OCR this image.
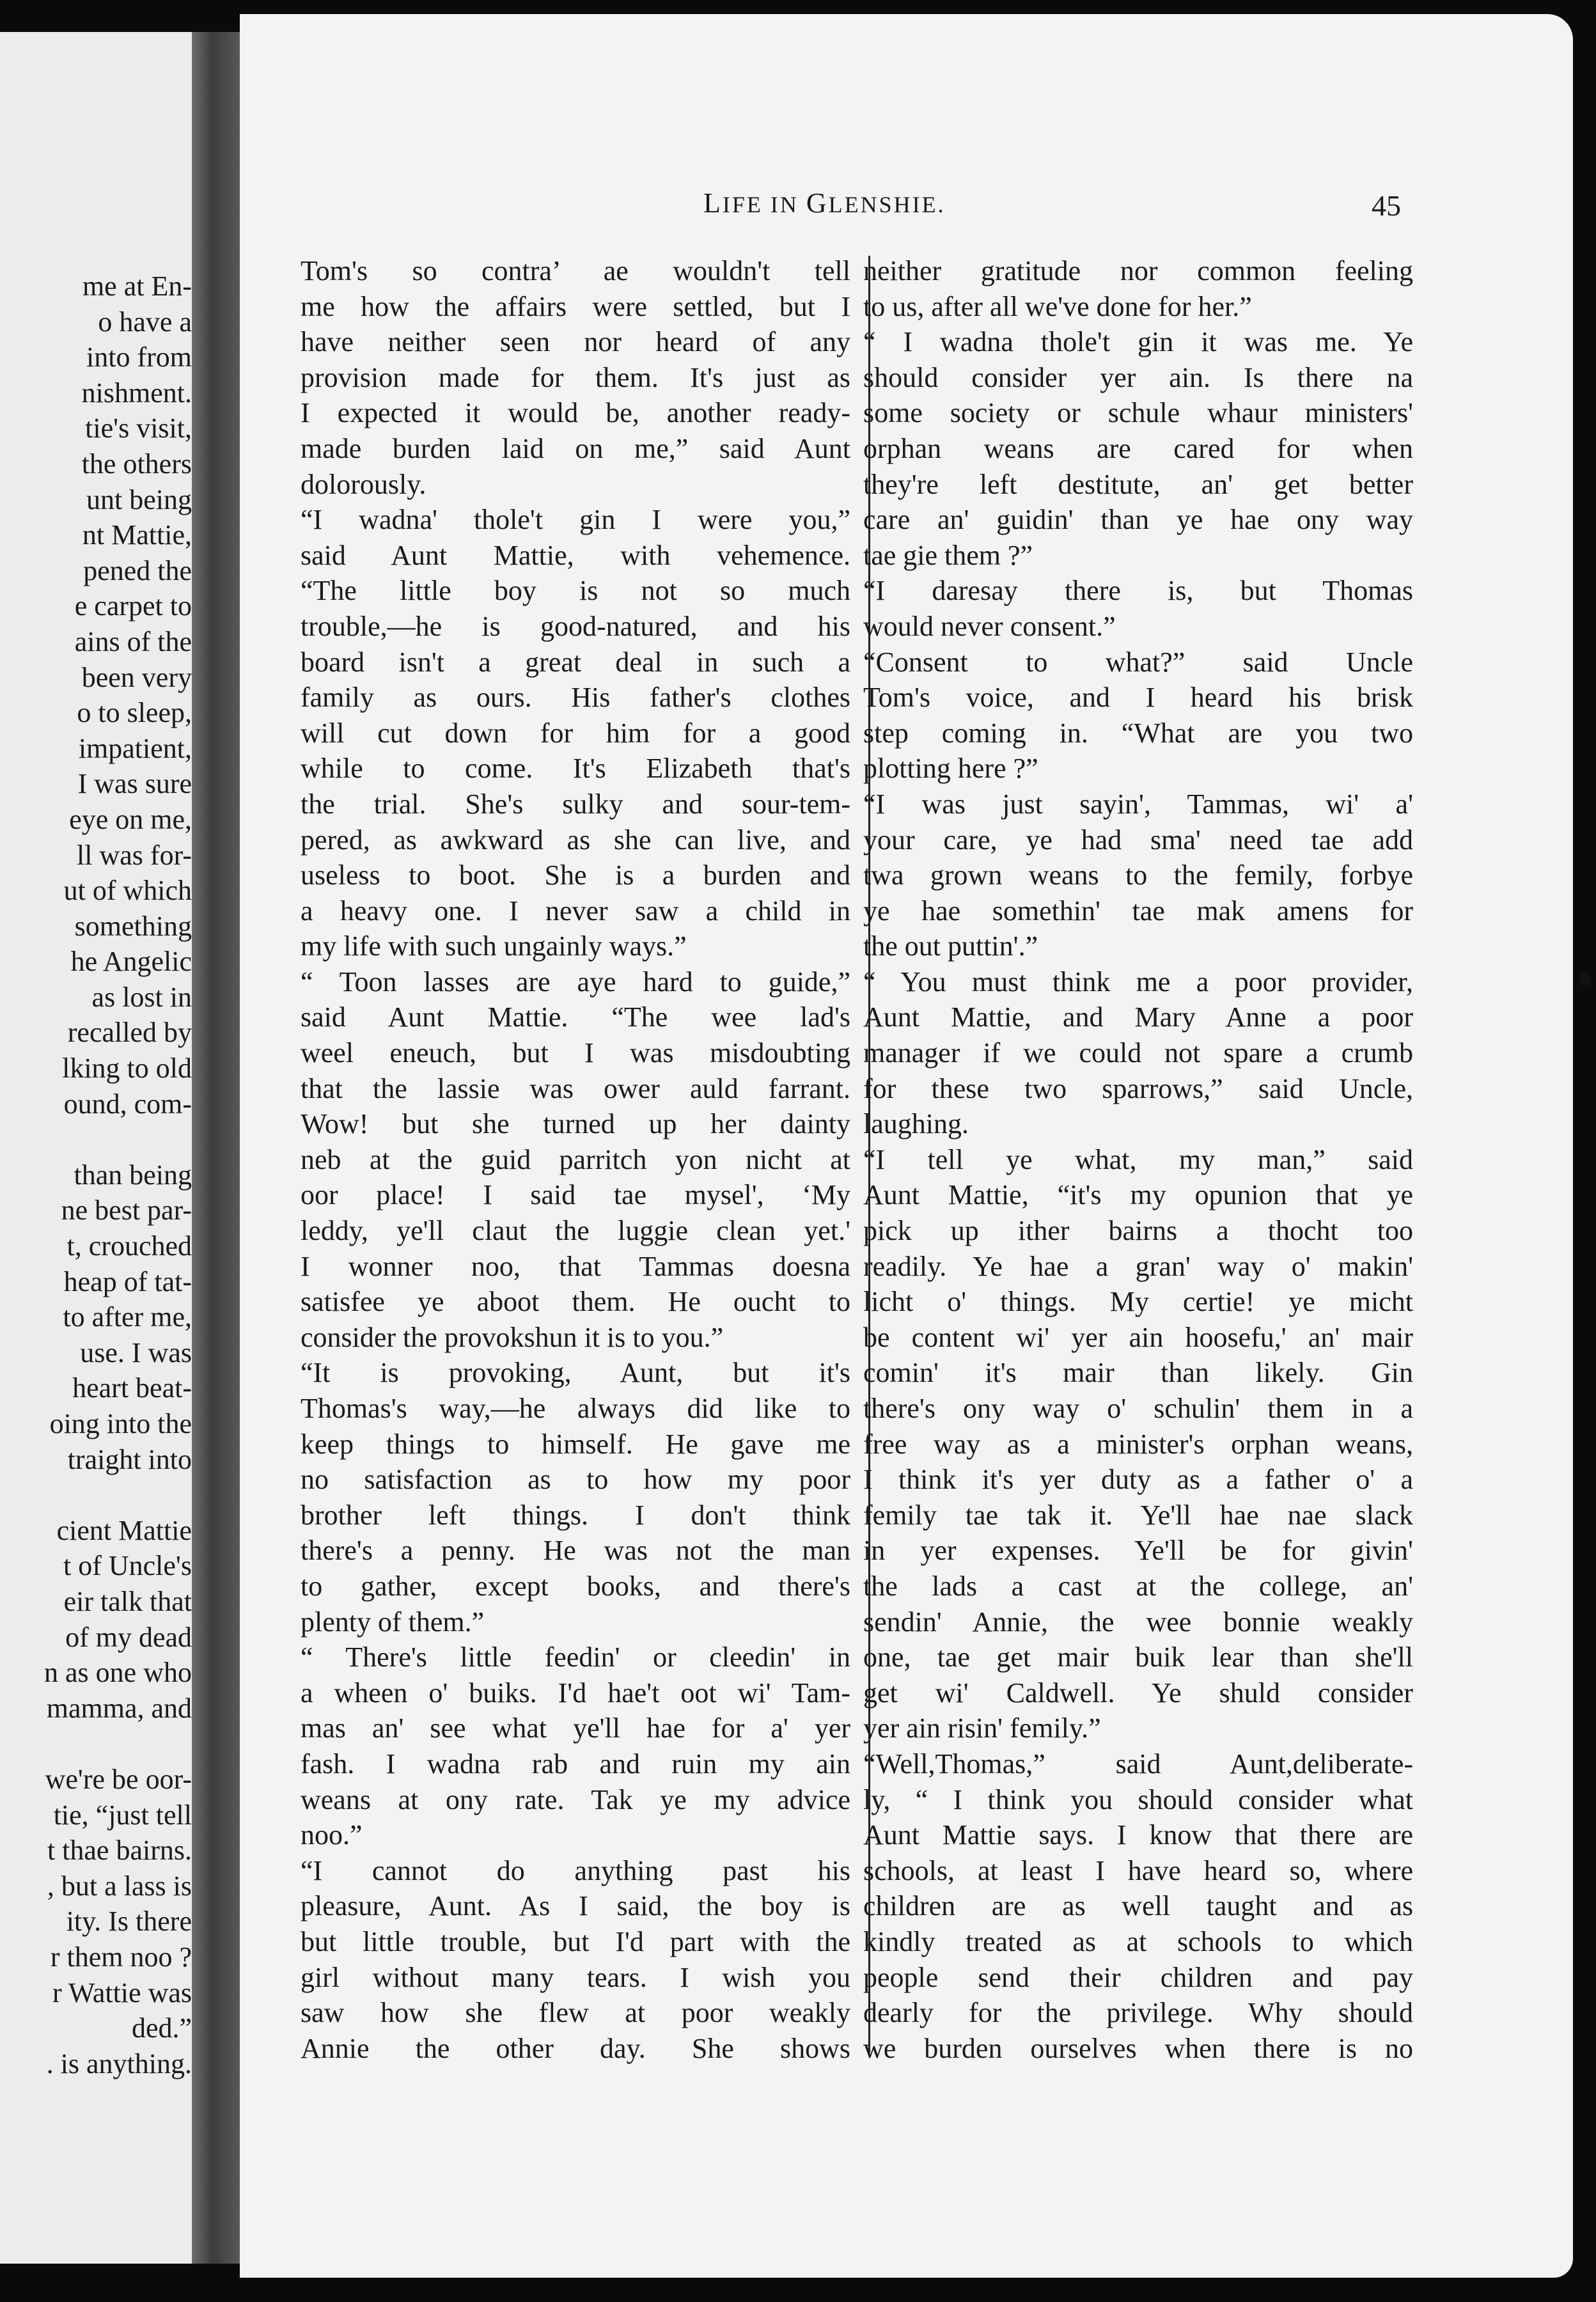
me at En-
o have a
into from
nishment.
tie's visit,
the others
unt being
nt Mattie,
pened the
e carpet to
ains of the
been very
o to sleep,
impatient,
I was sure
eye on me,
ll was for-
ut of which
something
he Angelic
as lost in
recalled by
lking to old
ound, com-
than being
ne best par-
t, crouched
heap of tat-
to after me,
use. I was
heart beat-
oing into the
traight into
cient Mattie
t of Uncle's
eir talk that
of my dead
n as one who
mamma, and
we're be oor-
tie, “just tell
t thae bairns.
, but a lass is
ity. Is there
r them noo ?
r Wattie was
ded.”
. is anything.
LIFE IN GLENSHIE.	45
Tom's so contra’ ae wouldn't tell
me how the affairs were settled, but I
have neither seen nor heard of any
provision made for them. It's just as
I expected it would be, another ready-
made burden laid on me,” said Aunt
dolorously.
“I wadna' thole't gin I were you,”
said Aunt Mattie, with vehemence.
“The little boy is not so much
trouble,—he is good-natured, and his
board isn't a great deal in such a
family as ours. His father's clothes
will cut down for him for a good
while to come. It's Elizabeth that's
the trial. She's sulky and sour-tem-
pered, as awkward as she can live, and
useless to boot. She is a burden and
a heavy one. I never saw a child in
my life with such ungainly ways.”
“ Toon lasses are aye hard to guide,”
said Aunt Mattie. “The wee lad's
weel eneuch, but I was misdoubting
that the lassie was ower auld farrant.
Wow! but she turned up her dainty
neb at the guid parritch yon nicht at
oor place! I said tae mysel', ‘My
leddy, ye'll claut the luggie clean yet.'
I wonner noo, that Tammas doesna
satisfee ye aboot them. He oucht to
consider the provokshun it is to you.”
“It is provoking, Aunt, but it's
Thomas's way,—he always did like to
keep things to himself. He gave me
no satisfaction as to how my poor
brother left things. I don't think
there's a penny. He was not the man
to gather, except books, and there's
plenty of them.”
“ There's little feedin' or cleedin' in
a wheen o' buiks. I'd hae't oot wi' Tam-
mas an' see what ye'll hae for a' yer
fash. I wadna rab and ruin my ain
weans at ony rate. Tak ye my advice
noo.”
“I cannot do anything past his
pleasure, Aunt. As I said, the boy is
but little trouble, but I'd part with the
girl without many tears. I wish you
saw how she flew at poor weakly
Annie the other day. She shows
neither gratitude nor common feeling
to us, after all we've done for her.”
“ I wadna thole't gin it was me. Ye
should consider yer ain. Is there na
some society or schule whaur ministers'
orphan weans are cared for when
they're left destitute, an' get better
care an' guidin' than ye hae ony way
tae gie them ?”
“I daresay there is, but Thomas
would never consent.”
“Consent to what?” said Uncle
Tom's voice, and I heard his brisk
step coming in. “What are you two
plotting here ?”
“I was just sayin', Tammas, wi' a'
your care, ye had sma' need tae add
twa grown weans to the femily, forbye
ye hae somethin' tae mak amens for
the out puttin'.”
“ You must think me a poor provider,
Aunt Mattie, and Mary Anne a poor
manager if we could not spare a crumb
for these two sparrows,” said Uncle,
laughing.
“I tell ye what, my man,” said
Aunt Mattie, “it's my opunion that ye
pick up ither bairns a thocht too
readily. Ye hae a gran' way o' makin'
licht o' things. My certie! ye micht
be content wi' yer ain hoosefu,' an' mair
comin' it's mair than likely. Gin
there's ony way o' schulin' them in a
free way as a minister's orphan weans,
I think it's yer duty as a father o' a
femily tae tak it. Ye'll hae nae slack
in yer expenses. Ye'll be for givin'
the lads a cast at the college, an'
sendin' Annie, the wee bonnie weakly
one, tae get mair buik lear than she'll
get wi' Caldwell. Ye shuld consider
yer ain risin' femily.”
“Well,Thomas,” said Aunt,deliberate-
ly, “ I think you should consider what
Aunt Mattie says. I know that there are
schools, at least I have heard so, where
children are as well taught and as
kindly treated as at schools to which
people send their children and pay
dearly for the privilege. Why should
we burden ourselves when there is no
